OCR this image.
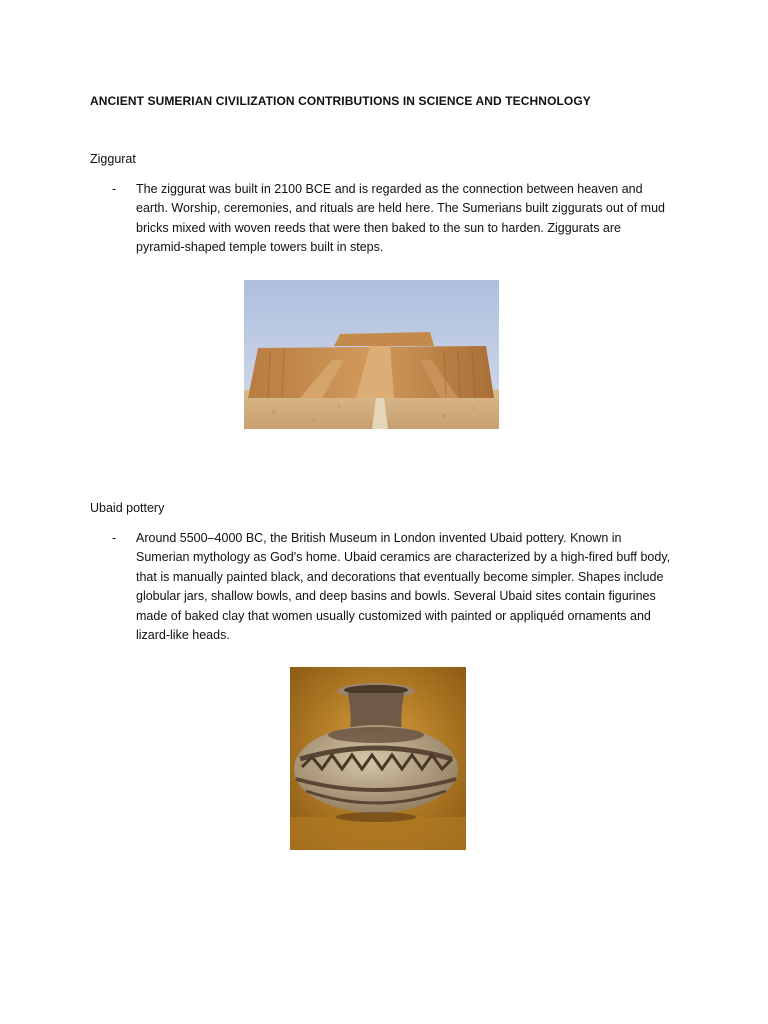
ANCIENT SUMERIAN CIVILIZATION CONTRIBUTIONS IN SCIENCE AND TECHNOLOGY
Ziggurat
- The ziggurat was built in 2100 BCE and is regarded as the connection between heaven and earth. Worship, ceremonies, and rituals are held here. The Sumerians built ziggurats out of mud bricks mixed with woven reeds that were then baked to the sun to harden. Ziggurats are pyramid-shaped temple towers built in steps.
Ubaid pottery
- Around 5500–4000 BC, the British Museum in London invented Ubaid pottery. Known in Sumerian mythology as God's home. Ubaid ceramics are characterized by a high-fired buff body, that is manually painted black, and decorations that eventually become simpler. Shapes include globular jars, shallow bowls, and deep basins and bowls. Several Ubaid sites contain figurines made of baked clay that women usually customized with painted or appliquéd ornaments and lizard-like heads.
